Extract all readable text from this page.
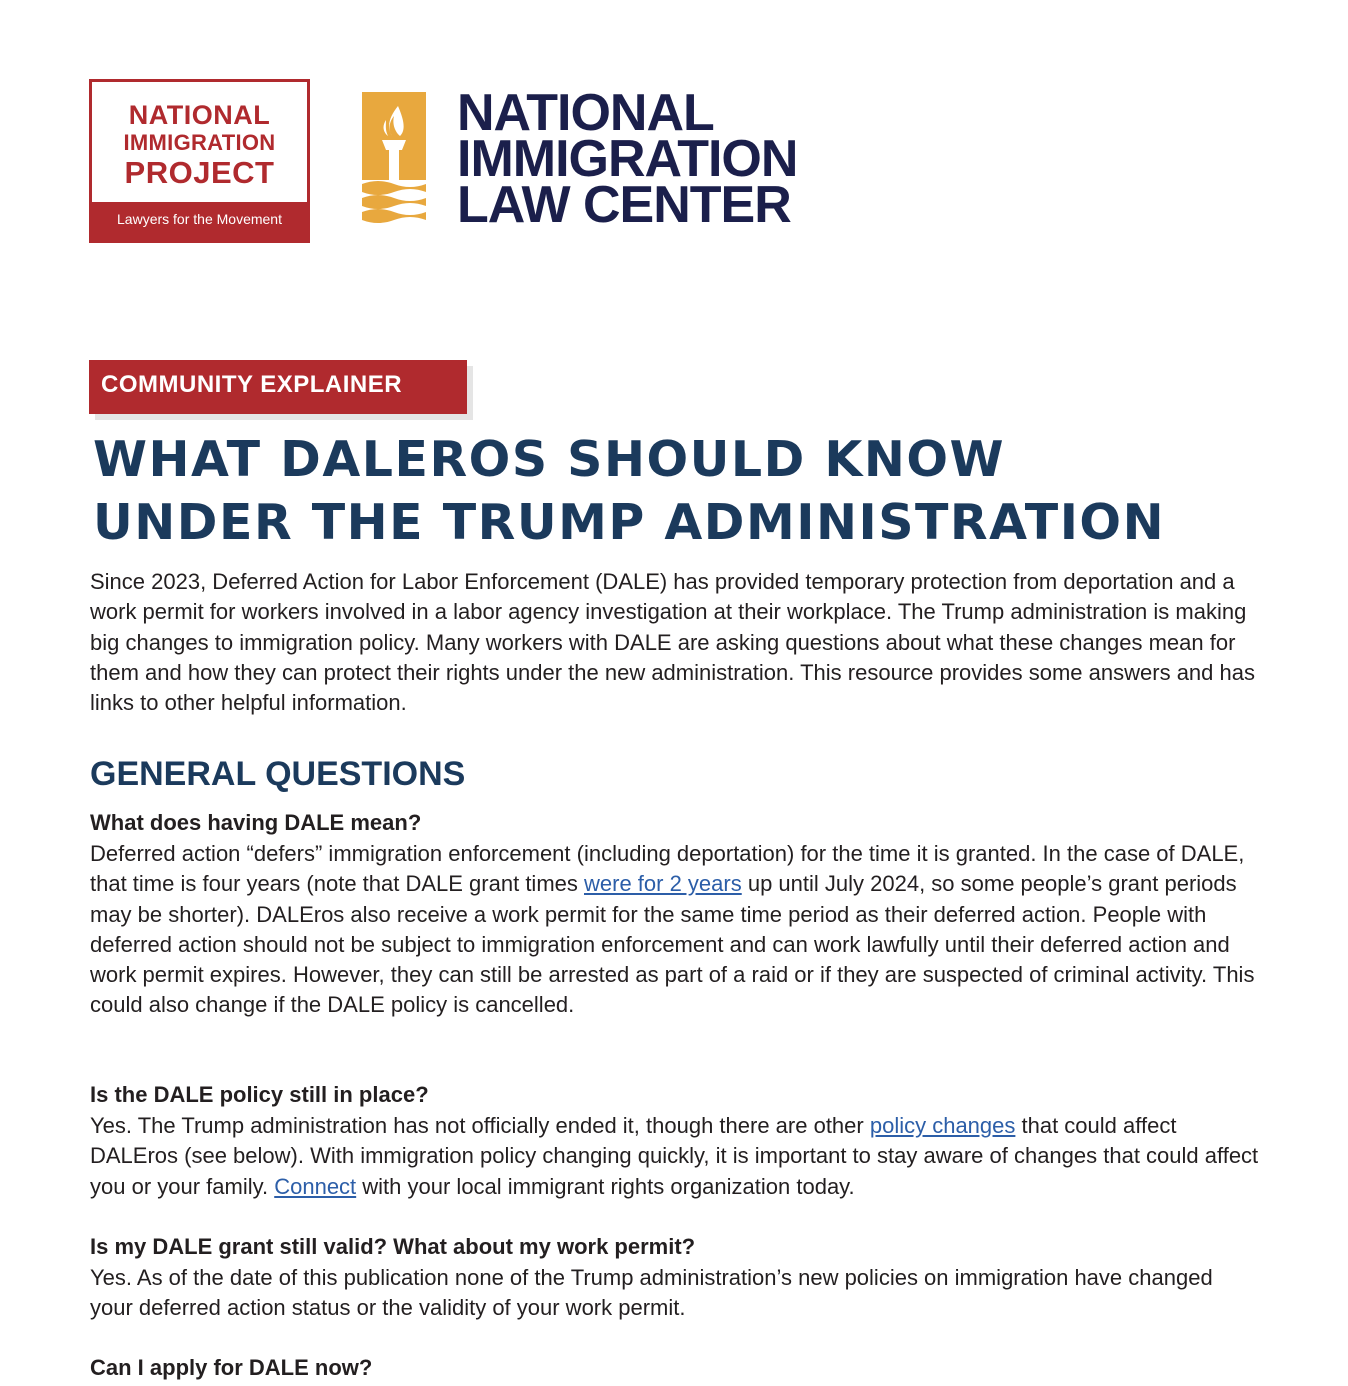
NATIONAL
IMMIGRATION
PROJECT
Lawyers for the Movement
NATIONAL
IMMIGRATION
LAW CENTER
COMMUNITY EXPLAINER
WHAT DALEROS SHOULD KNOW
UNDER THE TRUMP ADMINISTRATION

Since 2023, Deferred Action for Labor Enforcement (DALE) has provided temporary protection from deportation and a work permit for workers involved in a labor agency investigation at their workplace. The Trump administration is making big changes to immigration policy. Many workers with DALE are asking questions about what these changes mean for them and how they can protect their rights under the new administration. This resource provides some answers and has links to other helpful information.

GENERAL QUESTIONS

What does having DALE mean?

Deferred action “defers” immigration enforcement (including deportation) for the time it is granted. In the case of DALE, that time is four years (note that DALE grant times were for 2 years up until July 2024, so some people’s grant periods may be shorter). DALEros also receive a work permit for the same time period as their deferred action. People with deferred action should not be subject to immigration enforcement and can work lawfully until their deferred action and work permit expires. However, they can still be arrested as part of a raid or if they are suspected of criminal activity. This could also change if the DALE policy is cancelled.

Is the DALE policy still in place?

Yes. The Trump administration has not officially ended it, though there are other policy changes that could affect DALEros (see below). With immigration policy changing quickly, it is important to stay aware of changes that could affect you or your family. Connect with your local immigrant rights organization today.

Is my DALE grant still valid? What about my work permit?

Yes. As of the date of this publication none of the Trump administration’s new policies on immigration have changed your deferred action status or the validity of your work permit.

Can I apply for DALE now?
